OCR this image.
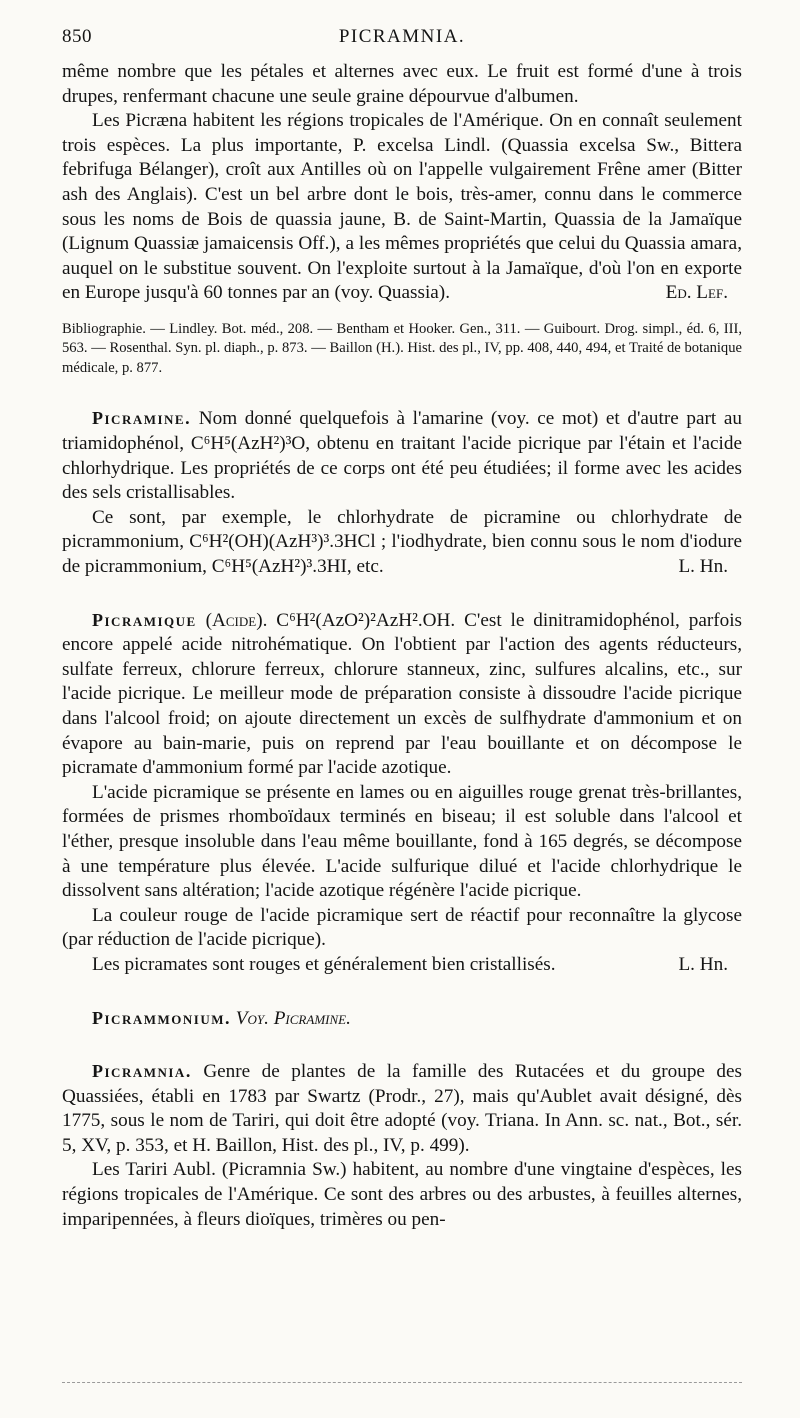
850	PICRAMNIA.

même nombre que les pétales et alternes avec eux. Le fruit est formé d'une à trois drupes, renfermant chacune une seule graine dépourvue d'albumen.

Les Picræna habitent les régions tropicales de l'Amérique. On en connaît seulement trois espèces. La plus importante, P. excelsa Lindl. (Quassia excelsa Sw., Bittera febrifuga Bélanger), croît aux Antilles où on l'appelle vulgairement Frêne amer (Bitter ash des Anglais). C'est un bel arbre dont le bois, très-amer, connu dans le commerce sous les noms de Bois de quassia jaune, B. de Saint-Martin, Quassia de la Jamaïque (Lignum Quassiæ jamaicensis Off.), a les mêmes propriétés que celui du Quassia amara, auquel on le substitue souvent. On l'exploite surtout à la Jamaïque, d'où l'on en exporte en Europe jusqu'à 60 tonnes par an (voy. Quassia).	Ed. Lef.

Bibliographie. — Lindley. Bot. méd., 208. — Bentham et Hooker. Gen., 311. — Guibourt. Drog. simpl., éd. 6, III, 563. — Rosenthal. Syn. pl. diaph., p. 873. — Baillon (H.). Hist. des pl., IV, pp. 408, 440, 494, et Traité de botanique médicale, p. 877.

Picramine. Nom donné quelquefois à l'amarine (voy. ce mot) et d'autre part au triamidophénol, C⁶H⁵(AzH²)³O, obtenu en traitant l'acide picrique par l'étain et l'acide chlorhydrique. Les propriétés de ce corps ont été peu étudiées; il forme avec les acides des sels cristallisables.

Ce sont, par exemple, le chlorhydrate de picramine ou chlorhydrate de picrammonium, C⁶H²(OH)(AzH³)³.3HCl ; l'iodhydrate, bien connu sous le nom d'iodure de picrammonium, C⁶H⁵(AzH²)³.3HI, etc.	L. Hn.

Picramique (Acide). C⁶H²(AzO²)²AzH².OH. C'est le dinitramidophénol, parfois encore appelé acide nitrohématique. On l'obtient par l'action des agents réducteurs, sulfate ferreux, chlorure ferreux, chlorure stanneux, zinc, sulfures alcalins, etc., sur l'acide picrique. Le meilleur mode de préparation consiste à dissoudre l'acide picrique dans l'alcool froid; on ajoute directement un excès de sulfhydrate d'ammonium et on évapore au bain-marie, puis on reprend par l'eau bouillante et on décompose le picramate d'ammonium formé par l'acide azotique.

L'acide picramique se présente en lames ou en aiguilles rouge grenat très-brillantes, formées de prismes rhomboïdaux terminés en biseau; il est soluble dans l'alcool et l'éther, presque insoluble dans l'eau même bouillante, fond à 165 degrés, se décompose à une température plus élevée. L'acide sulfurique dilué et l'acide chlorhydrique le dissolvent sans altération; l'acide azotique régénère l'acide picrique.

La couleur rouge de l'acide picramique sert de réactif pour reconnaître la glycose (par réduction de l'acide picrique).

Les picramates sont rouges et généralement bien cristallisés.	L. Hn.

Picrammonium. Voy. Picramine.

Picramnia. Genre de plantes de la famille des Rutacées et du groupe des Quassiées, établi en 1783 par Swartz (Prodr., 27), mais qu'Aublet avait désigné, dès 1775, sous le nom de Tariri, qui doit être adopté (voy. Triana. In Ann. sc. nat., Bot., sér. 5, XV, p. 353, et H. Baillon, Hist. des pl., IV, p. 499).

Les Tariri Aubl. (Picramnia Sw.) habitent, au nombre d'une vingtaine d'espèces, les régions tropicales de l'Amérique. Ce sont des arbres ou des arbustes, à feuilles alternes, imparipennées, à fleurs dioïques, trimères ou pen-
